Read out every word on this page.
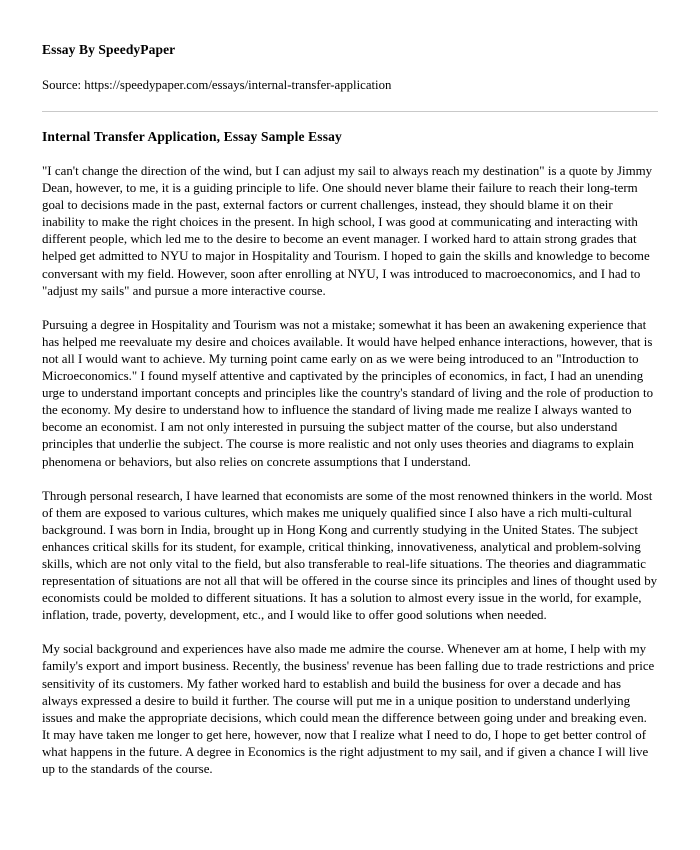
Essay By SpeedyPaper
Source: https://speedypaper.com/essays/internal-transfer-application
Internal Transfer Application, Essay Sample Essay

"I can't change the direction of the wind, but I can adjust my sail to always reach my destination" is a quote by Jimmy Dean, however, to me, it is a guiding principle to life. One should never blame their failure to reach their long-term goal to decisions made in the past, external factors or current challenges, instead, they should blame it on their inability to make the right choices in the present. In high school, I was good at communicating and interacting with different people, which led me to the desire to become an event manager. I worked hard to attain strong grades that helped get admitted to NYU to major in Hospitality and Tourism. I hoped to gain the skills and knowledge to become conversant with my field. However, soon after enrolling at NYU, I was introduced to macroeconomics, and I had to "adjust my sails" and pursue a more interactive course.

Pursuing a degree in Hospitality and Tourism was not a mistake; somewhat it has been an awakening experience that has helped me reevaluate my desire and choices available. It would have helped enhance interactions, however, that is not all I would want to achieve. My turning point came early on as we were being introduced to an "Introduction to Microeconomics." I found myself attentive and captivated by the principles of economics, in fact, I had an unending urge to understand important concepts and principles like the country's standard of living and the role of production to the economy. My desire to understand how to influence the standard of living made me realize I always wanted to become an economist. I am not only interested in pursuing the subject matter of the course, but also understand principles that underlie the subject. The course is more realistic and not only uses theories and diagrams to explain phenomena or behaviors, but also relies on concrete assumptions that I understand.

Through personal research, I have learned that economists are some of the most renowned thinkers in the world. Most of them are exposed to various cultures, which makes me uniquely qualified since I also have a rich multi-cultural background. I was born in India, brought up in Hong Kong and currently studying in the United States. The subject enhances critical skills for its student, for example, critical thinking, innovativeness, analytical and problem-solving skills, which are not only vital to the field, but also transferable to real-life situations. The theories and diagrammatic representation of situations are not all that will be offered in the course since its principles and lines of thought used by economists could be molded to different situations. It has a solution to almost every issue in the world, for example, inflation, trade, poverty, development, etc., and I would like to offer good solutions when needed.

My social background and experiences have also made me admire the course. Whenever am at home, I help with my family's export and import business. Recently, the business' revenue has been falling due to trade restrictions and price sensitivity of its customers. My father worked hard to establish and build the business for over a decade and has always expressed a desire to build it further. The course will put me in a unique position to understand underlying issues and make the appropriate decisions, which could mean the difference between going under and breaking even. It may have taken me longer to get here, however, now that I realize what I need to do, I hope to get better control of what happens in the future. A degree in Economics is the right adjustment to my sail, and if given a chance I will live up to the standards of the course.
